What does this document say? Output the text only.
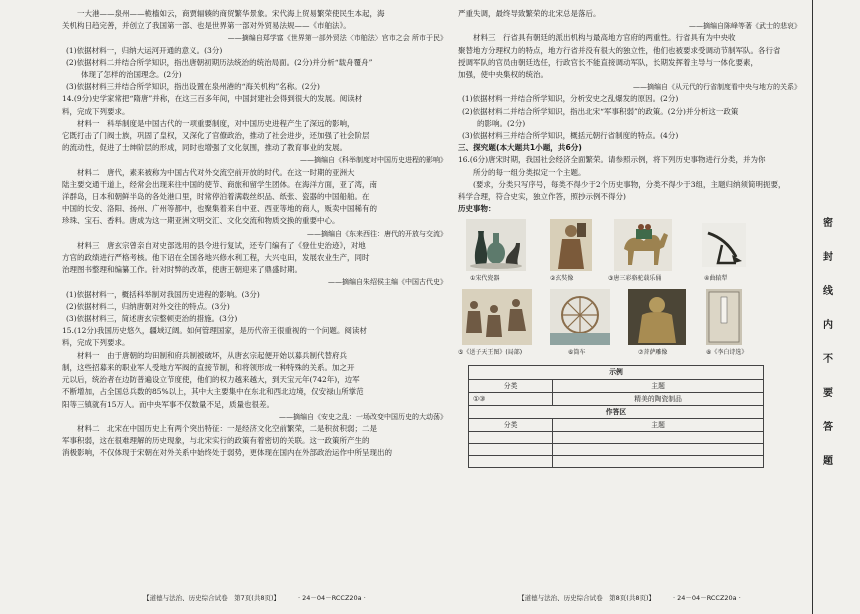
一大港——泉州——桅樯如云，商贾辐辏的商贸繁华景象。宋代海上贸易繁荣使民生本起，海

关机构日趋完善，并创立了我国第一部、也是世界第一部对外贸易法规——《市舶法》。

——摘编自郑学富《世界第一部外贸法〈市舶法〉官市之会 所市于民》

(1)依据材料一，归纳大运河开通的意义。(3分)

(2)依据材料二并结合所学知识，指出唐朝初期历法统治的统治局面。(2分)并分析“载舟覆舟”

体现了怎样的治国理念。(2分)

(3)依据材料三并结合所学知识，指出设置在泉州港的“海关机构”名称。(2分)

14.(9分)史学家常把“隋唐”并称，在这三百多年间，中国封建社会得到很大的发展。阅读材

料，完成下列要求。

材料一　科举制度是中国古代的一项重要制度，对中国历史进程产生了深远的影响，

它既打击了门阀士族，巩固了皇权，又深化了官僚政治，推动了社会进步，还加强了社会阶层

的流动性，促进了士绅阶层的形成，同时也增强了文化氛围，推动了教育事业的发展。

——摘编自《科举制度对中国历史进程的影响》

材料二　唐代，素来被称为中国古代对外交流空前开放的时代。在这一时期的亚洲大

陆主要交通干道上，经常会出现来往中国的使节、商旅和留学生团体。在海洋方面，亚了湾，南

洋群岛，日本和朝鲜半岛的各处港口里，时常停泊着满载丝织品、纸张、瓷器的中国船舶。在

中国的长安、洛阳、扬州、广州等都中，也聚集着来自中亚、西亚等地的商人，贩卖中国稀有的

珍珠、宝石、香料。唐成为这一期亚洲文明交汇、文化交流和物质交换的重要中心。

——摘编自《东来西往：唐代的开放与交流》

材料三　唐玄宗曾亲自对史部选用的县令进行复试，还专门编有了《登仕史治迹》，对地

方官的政绩进行严格考核。他下诏在全国各地兴修水利工程，大兴屯田，发展农业生产，同时

治理图书整理和编纂工作。针对时弊的改革，使唐王朝迎来了鼎盛时期。

——摘编自朱绍侯主编《中国古代史》

(1)依据材料一，概括科举制对我国历史进程的影响。(3分)

(2)依据材料二，归纳唐朝对外交往的特点。(3分)

(3)依据材料三，简述唐玄宗整顿吏治的措施。(3分)

15.(12分)我国历史悠久，疆域辽阔。如何管理国家，是历代帝王很重视的一个问题。阅读材

料，完成下列要求。

材料一　由于唐朝的均田制和府兵制被破坏，从唐玄宗起便开始以募兵制代替府兵

制，这些招募来的职业军人受地方军阀的直接节制，和将领形成一种特殊的关系。加之开

元以后，统治者在边防普遍设立节度使，他们的权力越来越大，到天宝元年(742年)，边军

不断增加，占全国总兵数的85%以上，其中大主要集中在东北和西北边境，仅安禄山所掌范

阳等三镇就有15万人。而中央军事不仅数量不足，质量也很差。

——摘编自《安史之乱：一场改变中国历史的大动荡》

材料二　北宋在中国历史上有两个突出特征：一是经济文化空前繁荣，二是积贫积弱；二是

军事积弱，这在很难理解的历史现象，与北宋实行的政策有着密切的关联。这一政策所产生的

消极影响，不仅体现于宋朝在对外关系中始终处于弱势，更体现在国内在外部政治运作中所呈现出的

【道德与法治、历史综合试卷　第7页(共8页)】	· 24－04－RCCZ20a ·

严重失调，最终导致繁荣的北宋总是落后。

——摘编自陈峰等著《武士的悲哀》

材料三　行省具有朝廷的派出机构与最高地方官府的两重性。行省具有为中央收

聚替地方分理权力的特点，地方行省并没有很大的独立性，他们也被要求受调动节制军队。各行省

授调军队的官员由朝廷选任，行政官长不能直接调动军队，长期发挥着主导与一体化要素，

加强，使中央集权的统治。

——摘编自《从元代的行省制度看中央与地方的关系》

(1)依据材料一并结合所学知识，分析安史之乱爆发的原因。(2分)

(2)依据材料二并结合所学知识，指出北宋“军事积弱”的政策。(2分)并分析这一政策

的影响。(2分)

(3)依据材料三并结合所学知识，概括元朝行省制度的特点。(4分)

三、探究题(本大题共1小题，共6分)

16.(6分)唐宋时期，我国社会经济全面繁荣。请参照示例，将下列历史事物进行分类，并为你

所分的每一组分类拟定一个主题。

(要求，分类只写序号，每类不得少于2个历史事物，分类不得少于3组，主题归纳须简明扼要，

科学合理，符合史实，独立作答，照抄示例不得分)

历史事物：

①宋代瓷器	②玄奘像	③唐三彩骆驼载乐俑	④曲辕犁
⑤《送子天王图》(局部)	⑥筒车	⑦菩萨雕像	⑧《李白诗选》
示例	
分类	主题
①③	精美的陶瓷制品
作答区	
分类	主题

【道德与法治、历史综合试卷　第8页(共8页)】	· 24－04－RCCZ20a ·
密
封
线
内
不
要
答
题
